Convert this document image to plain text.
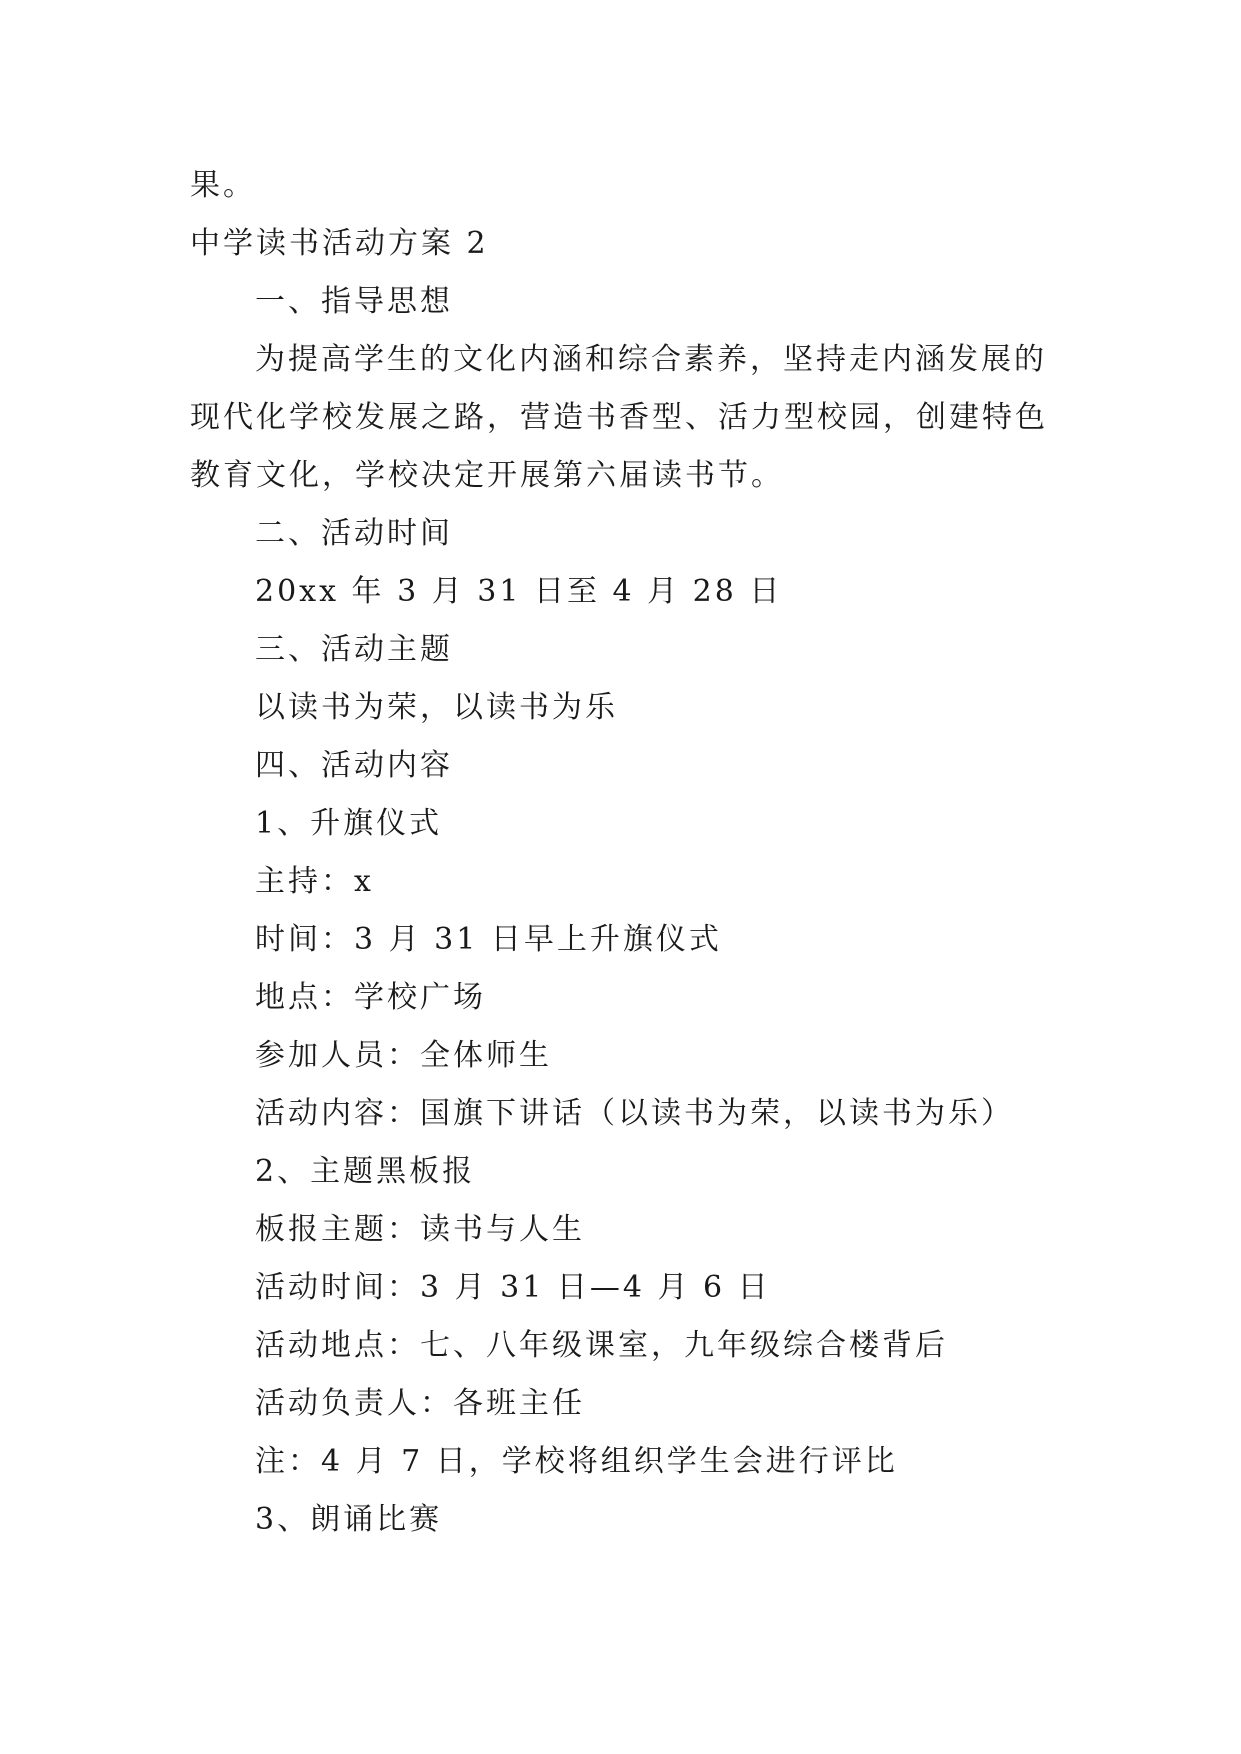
果。

中学读书活动方案 2

一、指导思想

为提高学生的文化内涵和综合素养，坚持走内涵发展的

现代化学校发展之路，营造书香型、活力型校园，创建特色

教育文化，学校决定开展第六届读书节。

二、活动时间

20xx 年 3 月 31 日至 4 月 28 日

三、活动主题

以读书为荣，以读书为乐

四、活动内容

1、升旗仪式

主持：x

时间：3 月 31 日早上升旗仪式

地点：学校广场

参加人员：全体师生

活动内容：国旗下讲话（以读书为荣，以读书为乐）

2、主题黑板报

板报主题：读书与人生

活动时间：3 月 31 日—4 月 6 日

活动地点：七、八年级课室，九年级综合楼背后

活动负责人：各班主任

注：4 月 7 日，学校将组织学生会进行评比

3、朗诵比赛
